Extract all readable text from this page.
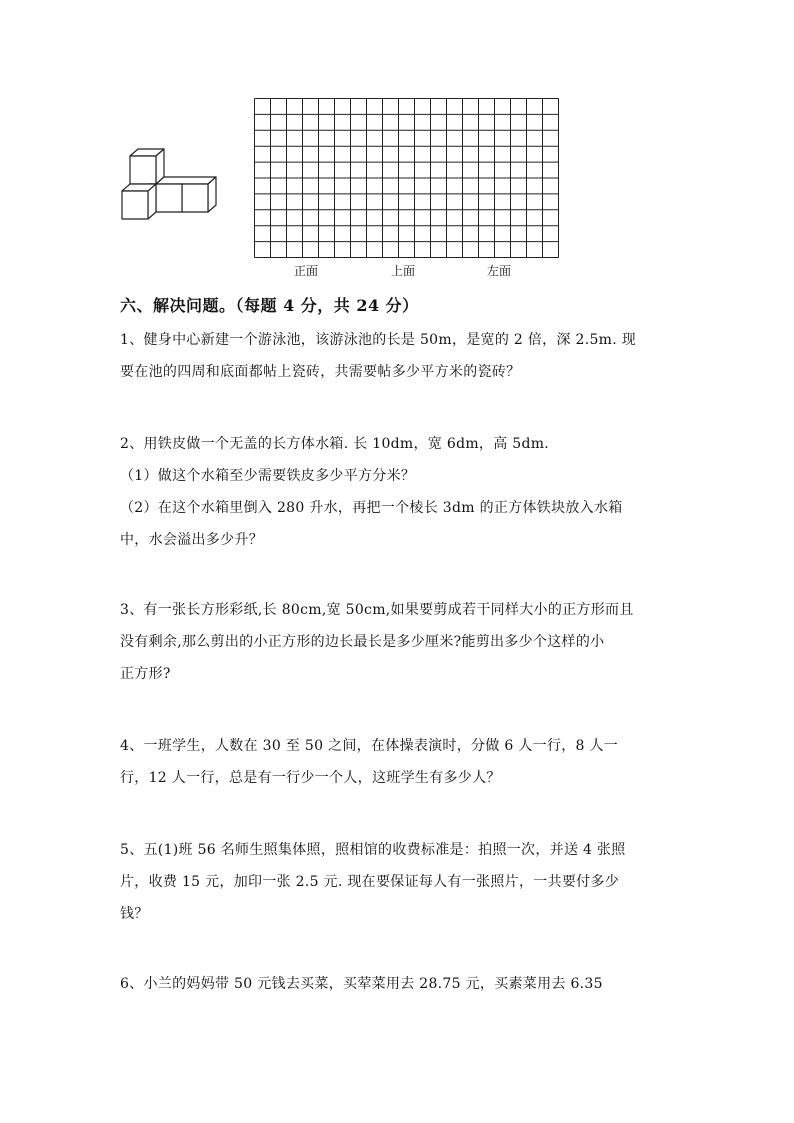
正面	上面	左面
六、解决问题。（每题 4 分，共 24 分）

1、健身中心新建一个游泳池，该游泳池的长是 50m，是宽的 2 倍，深 2.5m. 现

要在池的四周和底面都帖上瓷砖，共需要帖多少平方米的瓷砖？

2、用铁皮做一个无盖的长方体水箱. 长 10dm，宽 6dm，高 5dm.

（1）做这个水箱至少需要铁皮多少平方分米？

（2）在这个水箱里倒入 280 升水，再把一个棱长 3dm 的正方体铁块放入水箱

中，水会溢出多少升？

3、有一张长方形彩纸,长 80cm,宽 50cm,如果要剪成若干同样大小的正方形而且

没有剩余,那么剪出的小正方形的边长最长是多少厘米?能剪出多少个这样的小

正方形?

4、一班学生，人数在 30 至 50 之间，在体操表演时，分做 6 人一行，8 人一

行，12 人一行，总是有一行少一个人，这班学生有多少人？

5、五(1)班 56 名师生照集体照，照相馆的收费标准是：拍照一次，并送 4 张照

片，收费 15 元，加印一张 2.5 元. 现在要保证每人有一张照片，一共要付多少

钱？

6、小兰的妈妈带 50 元钱去买菜，买荤菜用去 28.75 元，买素菜用去 6.35
